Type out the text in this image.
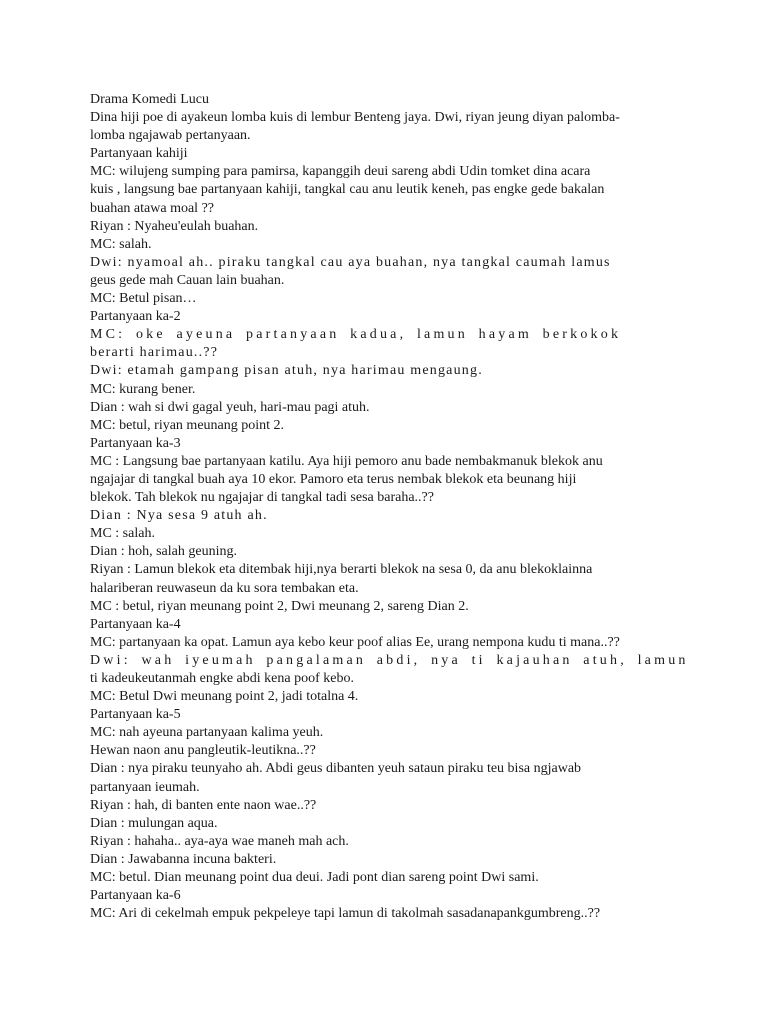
Drama Komedi Lucu
Dina hiji poe di ayakeun lomba kuis di lembur Benteng jaya. Dwi, riyan jeung diyan palomba-
lomba ngajawab pertanyaan.
Partanyaan kahiji
MC: wilujeng sumping para pamirsa, kapanggih deui sareng abdi Udin tomket dina acara
kuis , langsung bae partanyaan kahiji, tangkal cau anu leutik keneh, pas engke gede bakalan
buahan atawa moal ??
Riyan : Nyaheu'eulah buahan.
MC: salah.
Dwi: nyamoal ah.. piraku tangkal cau aya buahan, nya tangkal caumah lamus
geus gede mah Cauan lain buahan.
MC: Betul pisan…
Partanyaan ka-2
MC: oke ayeuna partanyaan kadua, lamun hayam berkokok
berarti harimau..??
Dwi: etamah gampang pisan atuh, nya harimau mengaung.
MC: kurang bener.
Dian : wah si dwi gagal yeuh, hari-mau pagi atuh.
MC: betul, riyan meunang point 2.
Partanyaan ka-3
MC : Langsung bae partanyaan katilu. Aya hiji pemoro anu bade nembakmanuk blekok anu
ngajajar di tangkal buah aya 10 ekor. Pamoro eta terus nembak blekok eta beunang hiji
blekok. Tah blekok nu ngajajar di tangkal tadi sesa baraha..??
Dian : Nya sesa 9 atuh ah.
MC : salah.
Dian : hoh, salah geuning.
Riyan : Lamun blekok eta ditembak hiji,nya berarti blekok na sesa 0, da anu blekoklainna
halariberan reuwaseun da ku sora tembakan eta.
MC : betul, riyan meunang point 2, Dwi meunang 2, sareng Dian 2.
Partanyaan ka-4
MC: partanyaan ka opat. Lamun aya kebo keur poof alias Ee, urang nempona kudu ti mana..??
Dwi: wah iyeumah pangalaman abdi, nya ti kajauhan atuh, lamun
ti kadeukeutanmah engke abdi kena poof kebo.
MC: Betul Dwi meunang point 2, jadi totalna 4.
Partanyaan ka-5
MC: nah ayeuna partanyaan kalima yeuh.
Hewan naon anu pangleutik-leutikna..??
Dian : nya piraku teunyaho ah. Abdi geus dibanten yeuh sataun piraku teu bisa ngjawab
partanyaan ieumah.
Riyan : hah, di banten ente naon wae..??
Dian : mulungan aqua.
Riyan : hahaha.. aya-aya wae maneh mah ach.
Dian : Jawabanna incuna bakteri.
MC: betul. Dian meunang point dua deui. Jadi pont dian sareng point Dwi sami.
Partanyaan ka-6
MC: Ari di cekelmah empuk pekpeleye tapi lamun di takolmah sasadanapankgumbreng..??
